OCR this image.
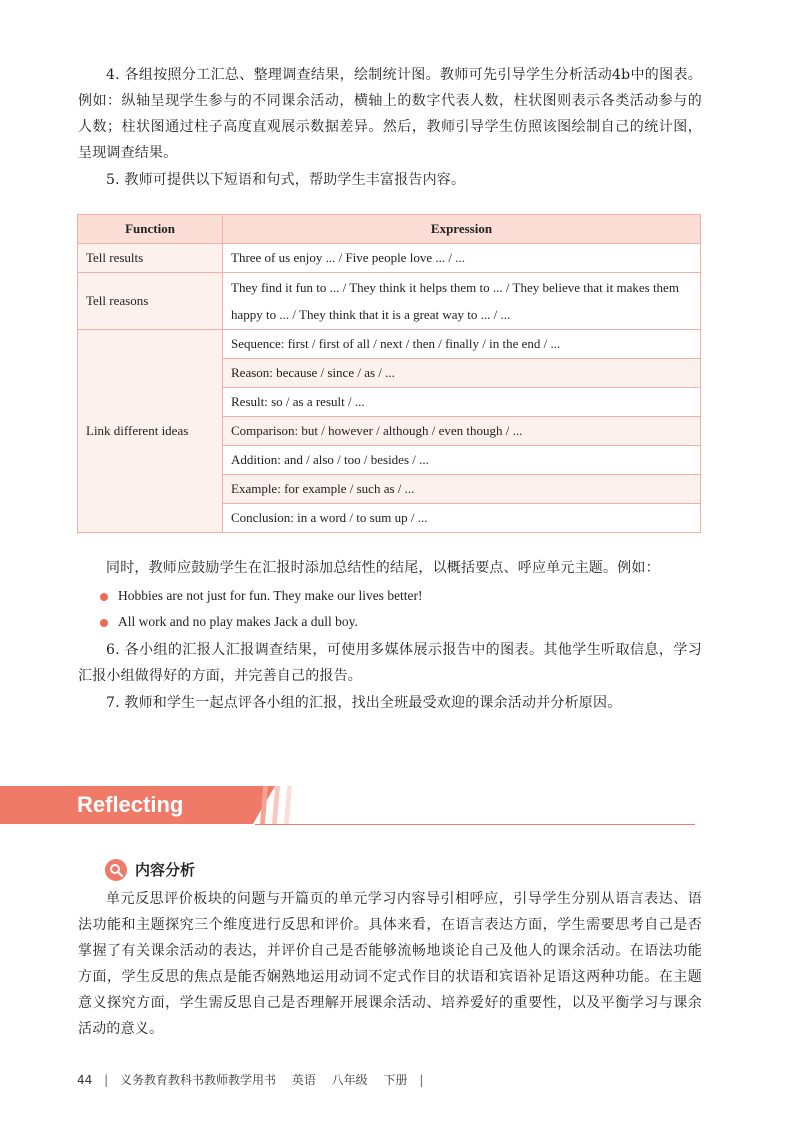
4. 各组按照分工汇总、整理调查结果，绘制统计图。教师可先引导学生分析活动4b中的图表。例如：纵轴呈现学生参与的不同课余活动，横轴上的数字代表人数，柱状图则表示各类活动参与的人数；柱状图通过柱子高度直观展示数据差异。然后，教师引导学生仿照该图绘制自己的统计图，呈现调查结果。

5. 教师可提供以下短语和句式，帮助学生丰富报告内容。

Function	Expression
Tell results	Three of us enjoy ... / Five people love ... / ...
Tell reasons	They find it fun to ... / They think it helps them to ... / They believe that it makes them happy to ... / They think that it is a great way to ... / ...
Link different ideas	Sequence: first / first of all / next / then / finally / in the end / ...
	Reason: because / since / as / ...
	Result: so / as a result / ...
	Comparison: but / however / although / even though / ...
	Addition: and / also / too / besides / ...
	Example: for example / such as / ...
	Conclusion: in a word / to sum up / ...

同时，教师应鼓励学生在汇报时添加总结性的结尾，以概括要点、呼应单元主题。例如：

Hobbies are not just for fun. They make our lives better!
All work and no play makes Jack a dull boy.

6. 各小组的汇报人汇报调查结果，可使用多媒体展示报告中的图表。其他学生听取信息，学习汇报小组做得好的方面，并完善自己的报告。

7. 教师和学生一起点评各小组的汇报，找出全班最受欢迎的课余活动并分析原因。

Reflecting
内容分析

单元反思评价板块的问题与开篇页的单元学习内容导引相呼应，引导学生分别从语言表达、语法功能和主题探究三个维度进行反思和评价。具体来看，在语言表达方面，学生需要思考自己是否掌握了有关课余活动的表达，并评价自己是否能够流畅地谈论自己及他人的课余活动。在语法功能方面，学生反思的焦点是能否娴熟地运用动词不定式作目的状语和宾语补足语这两种功能。在主题意义探究方面，学生需反思自己是否理解开展课余活动、培养爱好的重要性，以及平衡学习与课余活动的意义。

44 | 义务教育教科书教师教学用书 英语 八年级 下册 |
